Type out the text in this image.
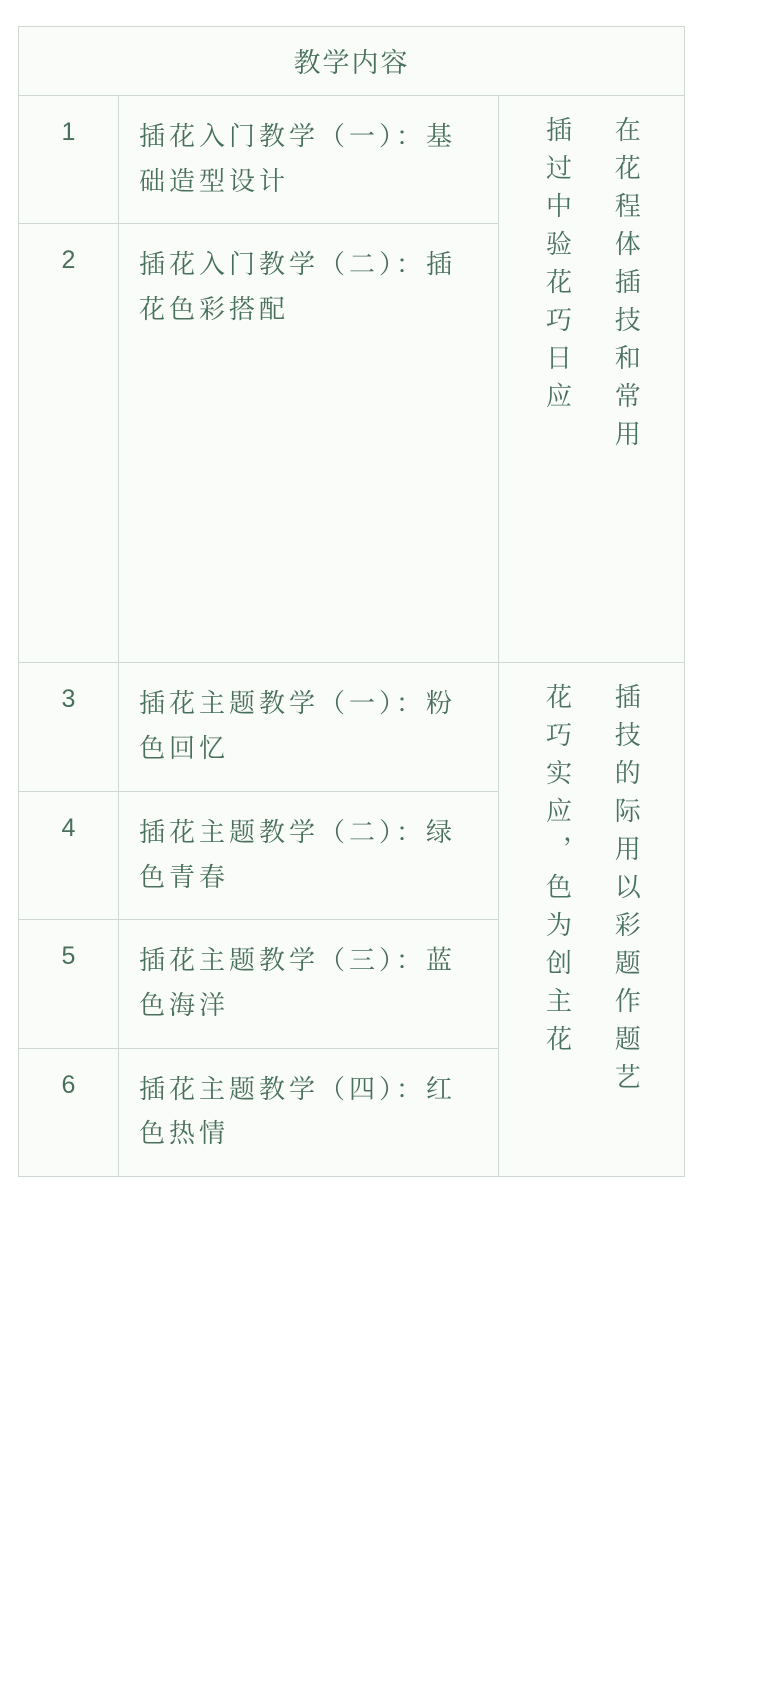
教学内容		
1	插花入门教学（一）：基础造型设计	在花程体插技和常用
插过中验花巧日应

2	插花入门教学（二）：插花色彩搭配	
3	插花主题教学（一）：粉色回忆	插技的际用以彩题作题艺
花巧实应，色为创主花

4	插花主题教学（二）：绿色青春	
5	插花主题教学（三）：蓝色海洋	
6	插花主题教学（四）：红色热情	
